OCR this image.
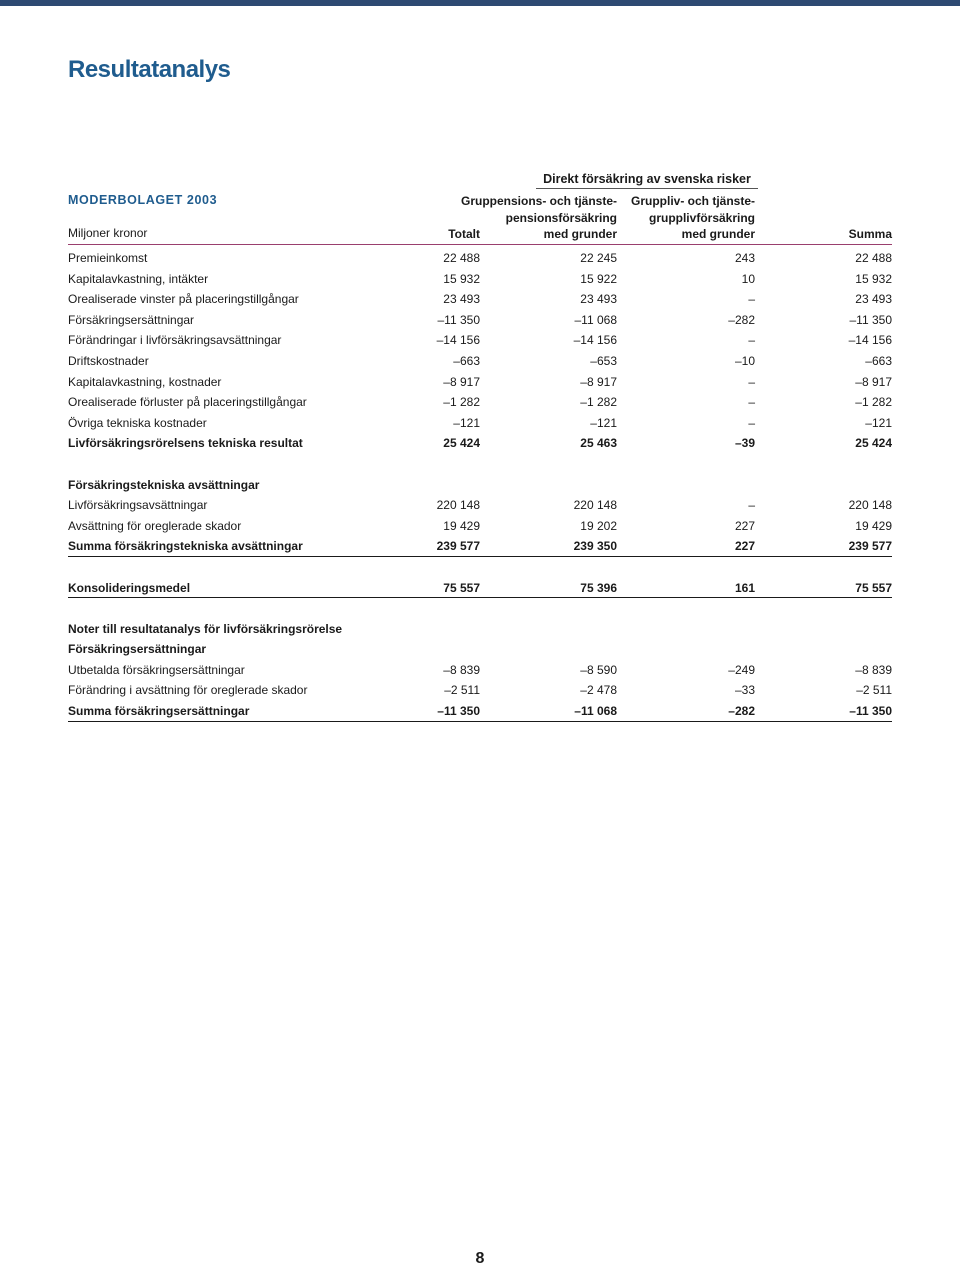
Resultatanalys
Direkt försäkring av svenska risker
MODERBOLAGET 2003
Miljoner kronor	Totalt
Gruppensions- och tjänste-
pensionsförsäkring
med grunder
Gruppliv- och tjänste-
grupplivförsäkring
med grunder	Summa
Premieinkomst	22 488	22 245	243	22 488
Kapitalavkastning, intäkter	15 932	15 922	10	15 932
Orealiserade vinster på placeringstillgångar	23 493	23 493	–	23 493
Försäkringsersättningar	–11 350	–11 068	–282	–11 350
Förändringar i livförsäkringsavsättningar	–14 156	–14 156	–	–14 156
Driftskostnader	–663	–653	–10	–663
Kapitalavkastning, kostnader	–8 917	–8 917	–	–8 917
Orealiserade förluster på placeringstillgångar	–1 282	–1 282	–	–1 282
Övriga tekniska kostnader	–121	–121	–	–121
Livförsäkringsrörelsens tekniska resultat	25 424	25 463	–39	25 424
Försäkringstekniska avsättningar
Livförsäkringsavsättningar	220 148	220 148	–	220 148
Avsättning för oreglerade skador	19 429	19 202	227	19 429
Summa försäkringstekniska avsättningar	239 577	239 350	227	239 577
Konsolideringsmedel	75 557	75 396	161	75 557
Noter till resultatanalys för livförsäkringsrörelse
Försäkringsersättningar
Utbetalda försäkringsersättningar	–8 839	–8 590	–249	–8 839
Förändring i avsättning för oreglerade skador	–2 511	–2 478	–33	–2 511
Summa försäkringsersättningar	–11 350	–11 068	–282	–11 350
8
